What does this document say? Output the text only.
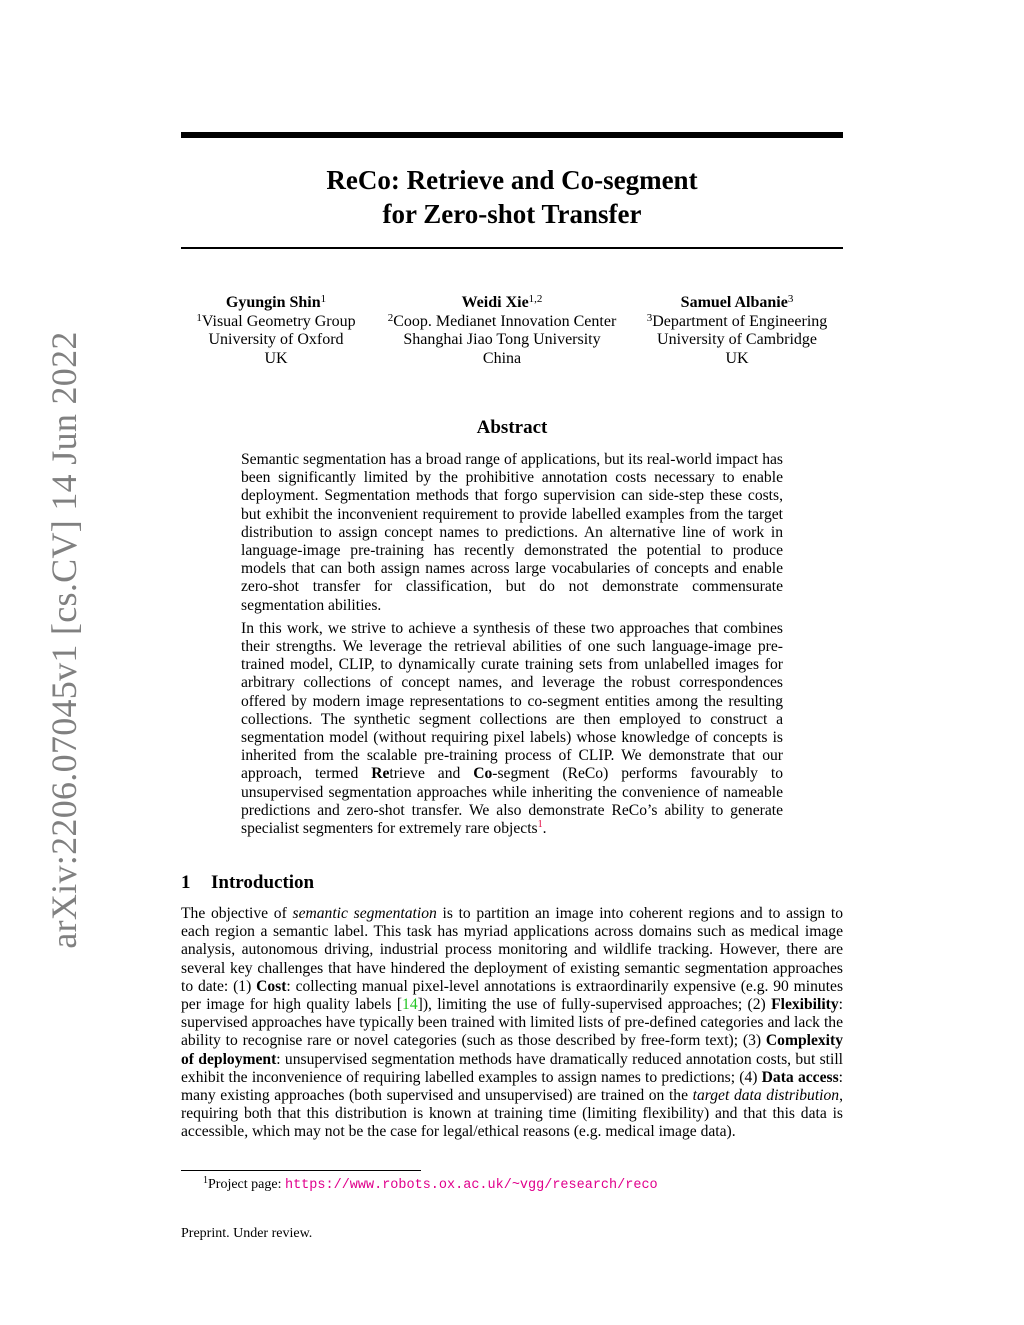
arXiv:2206.07045v1 [cs.CV] 14 Jun 2022
ReCo: Retrieve and Co-segment
for Zero-shot Transfer
Gyungin Shin$^1$
$^1$Visual Geometry Group
University of Oxford
UK
Weidi Xie$^{1,2}$
$^2$Coop. Medianet Innovation Center
Shanghai Jiao Tong University
China
Samuel Albanie$^3$
$^3$Department of Engineering
University of Cambridge
UK
Abstract

Semantic segmentation has a broad range of applications, but its real-world impact has been significantly limited by the prohibitive annotation costs necessary to enable deployment. Segmentation methods that forgo supervision can side-step these costs, but exhibit the inconvenient requirement to provide labelled examples from the target distribution to assign concept names to predictions. An alternative line of work in language-image pre-training has recently demonstrated the potential to produce models that can both assign names across large vocabularies of concepts and enable zero-shot transfer for classification, but do not demonstrate commensurate segmentation abilities.

In this work, we strive to achieve a synthesis of these two approaches that combines their strengths. We leverage the retrieval abilities of one such language-image pre-trained model, CLIP, to dynamically curate training sets from unlabelled images for arbitrary collections of concept names, and leverage the robust correspondences offered by modern image representations to co-segment entities among the resulting collections. The synthetic segment collections are then employed to construct a segmentation model (without requiring pixel labels) whose knowledge of concepts is inherited from the scalable pre-training process of CLIP. We demonstrate that our approach, termed Retrieve and Co-segment (ReCo) performs favourably to unsupervised segmentation approaches while inheriting the convenience of nameable predictions and zero-shot transfer. We also demonstrate ReCo’s ability to generate specialist segmenters for extremely rare objects$^1$.

1 Introduction

The objective of semantic segmentation is to partition an image into coherent regions and to assign to each region a semantic label. This task has myriad applications across domains such as medical image analysis, autonomous driving, industrial process monitoring and wildlife tracking. However, there are several key challenges that have hindered the deployment of existing semantic segmentation approaches to date: (1) Cost: collecting manual pixel-level annotations is extraordinarily expensive (e.g. 90 minutes per image for high quality labels [14]), limiting the use of fully-supervised approaches; (2) Flexibility: supervised approaches have typically been trained with limited lists of pre-defined categories and lack the ability to recognise rare or novel categories (such as those described by free-form text); (3) Complexity of deployment: unsupervised segmentation methods have dramatically reduced annotation costs, but still exhibit the inconvenience of requiring labelled examples to assign names to predictions; (4) Data access: many existing approaches (both supervised and unsupervised) are trained on the target data distribution, requiring both that this distribution is known at training time (limiting flexibility) and that this data is accessible, which may not be the case for legal/ethical reasons (e.g. medical image data).

$^1$Project page: https://www.robots.ox.ac.uk/~vgg/research/reco
Preprint. Under review.
